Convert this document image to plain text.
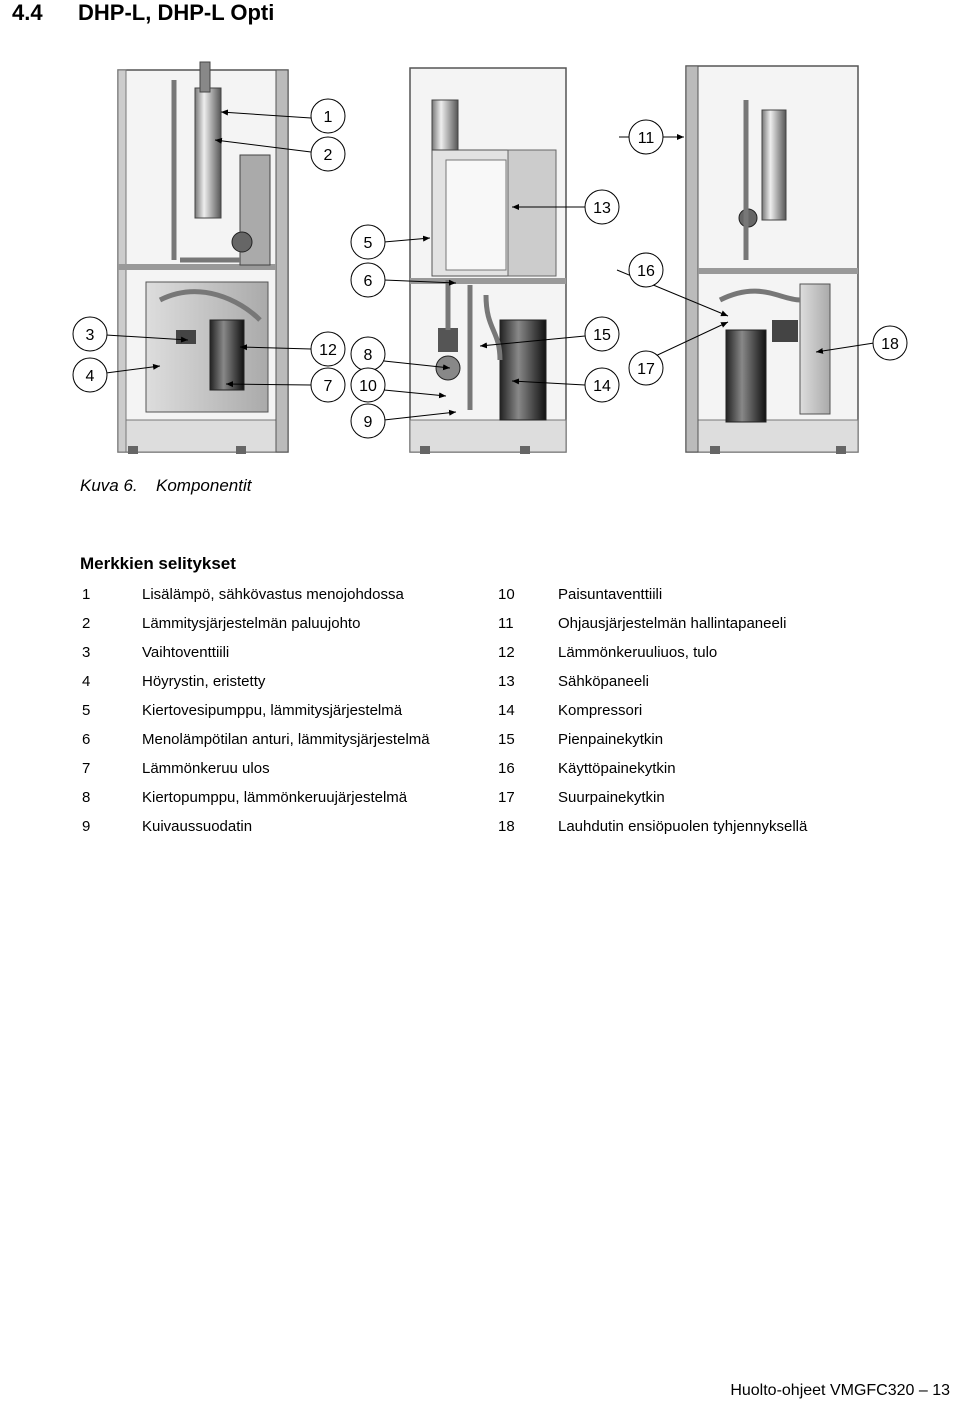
4.4 DHP-L, DHP-L Opti
1
2
3
4
5
6
7
8
9
10
11
12
13
14
15
16
17
18
Kuva 6. Komponentit
Merkkien selitykset
1	Lisälämpö, sähkövastus menojohdossa
2	Lämmitysjärjestelmän paluujohto
3	Vaihtoventtiili
4	Höyrystin, eristetty
5	Kiertovesipumppu, lämmitysjärjestelmä
6	Menolämpötilan anturi, lämmitysjärjestelmä
7	Lämmönkeruu ulos
8	Kiertopumppu, lämmönkeruujärjestelmä
9	Kuivaussuodatin
10	Paisuntaventtiili
11	Ohjausjärjestelmän hallintapaneeli
12	Lämmönkeruuliuos, tulo
13	Sähköpaneeli
14	Kompressori
15	Pienpainekytkin
16	Käyttöpainekytkin
17	Suurpainekytkin
18	Lauhdutin ensiöpuolen tyhjennyksellä
Huolto-ohjeet VMGFC320 – 13
